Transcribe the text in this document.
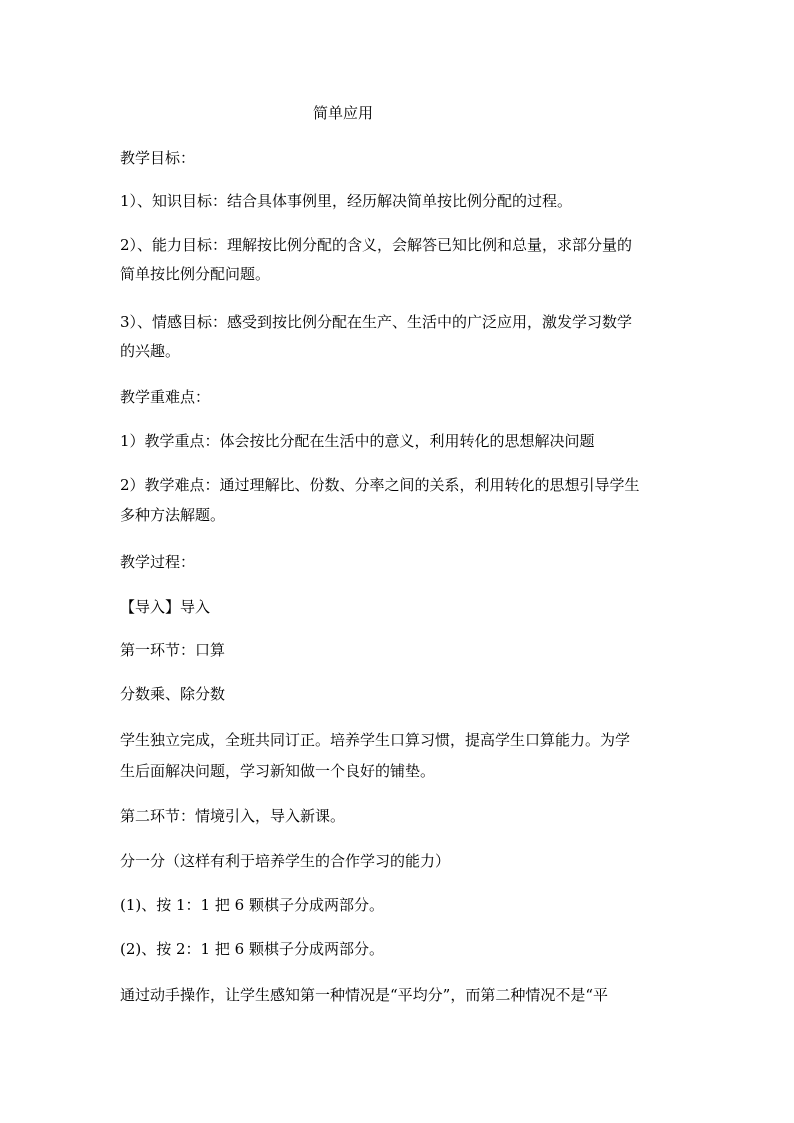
简单应用
教学目标：
1）、知识目标：结合具体事例里，经历解决简单按比例分配的过程。
2）、能力目标：理解按比例分配的含义，会解答已知比例和总量，求部分量的
简单按比例分配问题。
3）、情感目标：感受到按比例分配在生产、生活中的广泛应用，激发学习数学
的兴趣。
教学重难点：
1）教学重点：体会按比分配在生活中的意义，利用转化的思想解决问题
2）教学难点：通过理解比、份数、分率之间的关系，利用转化的思想引导学生
多种方法解题。
教学过程：
【导入】导入
第一环节：口算
分数乘、除分数
学生独立完成，全班共同订正。培养学生口算习惯，提高学生口算能力。为学
生后面解决问题，学习新知做一个良好的铺垫。
第二环节：情境引入，导入新课。
分一分（这样有利于培养学生的合作学习的能力）
(1)、按 1：1 把 6 颗棋子分成两部分。
(2)、按 2：1 把 6 颗棋子分成两部分。
通过动手操作，让学生感知第一种情况是“平均分”，而第二种情况不是“平
